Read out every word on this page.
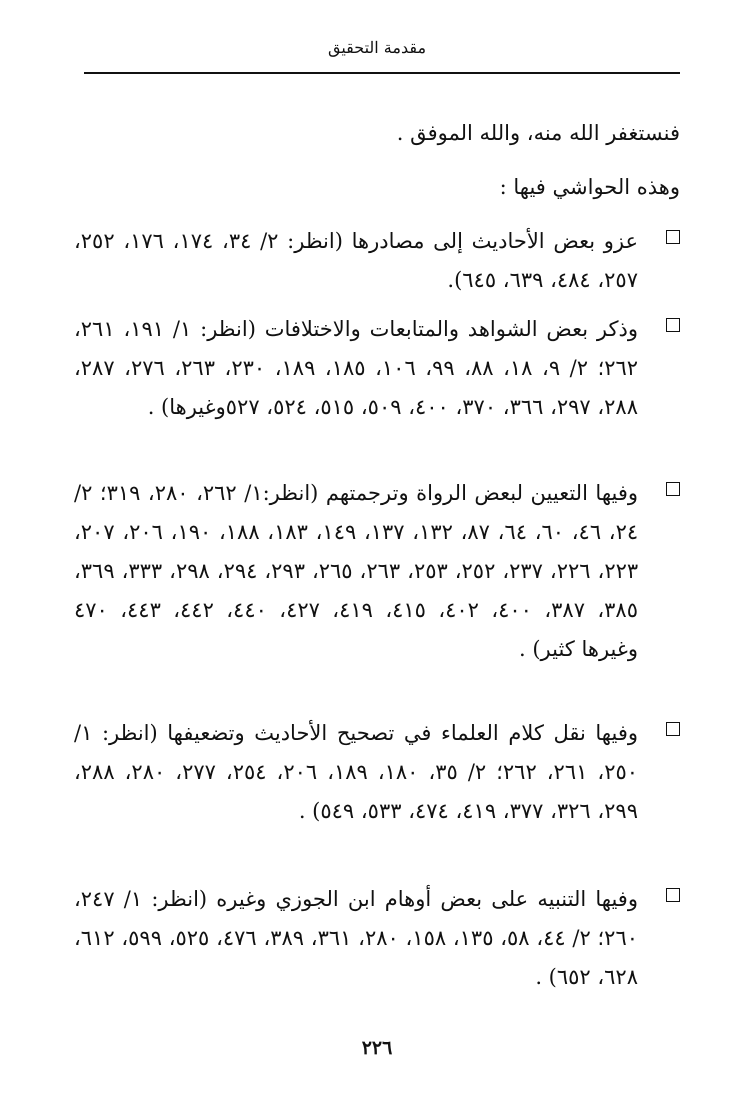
مقدمة التحقيق
فنستغفر الله منه، والله الموفق .
وهذه الحواشي فيها :
عزو بعض الأحاديث إلى مصادرها (انظر: ٢/ ٣٤، ١٧٤، ١٧٦، ٢٥٢، ٢٥٧، ٤٨٤، ٦٣٩، ٦٤٥).
وذكر بعض الشواهد والمتابعات والاختلافات (انظر: ١/ ١٩١، ٢٦١، ٢٦٢؛ ٢/ ٩، ١٨، ٨٨، ٩٩، ١٠٦، ١٨٥، ١٨٩، ٢٣٠، ٢٦٣، ٢٧٦، ٢٨٧، ٢٨٨، ٢٩٧، ٣٦٦، ٣٧٠، ٤٠٠، ٥٠٩، ٥١٥، ٥٢٤، ٥٢٧وغيرها) .
وفيها التعيين لبعض الرواة وترجمتهم (انظر:١/ ٢٦٢، ٢٨٠، ٣١٩؛ ٢/ ٢٤، ٤٦، ٦٠، ٦٤، ٨٧، ١٣٢، ١٣٧، ١٤٩، ١٨٣، ١٨٨، ١٩٠، ٢٠٦، ٢٠٧، ٢٢٣، ٢٢٦، ٢٣٧، ٢٥٢، ٢٥٣، ٢٦٣، ٢٦٥، ٢٩٣، ٢٩٤، ٢٩٨، ٣٣٣، ٣٦٩، ٣٨٥، ٣٨٧، ٤٠٠، ٤٠٢، ٤١٥، ٤١٩، ٤٢٧، ٤٤٠، ٤٤٢، ٤٤٣، ٤٧٠ وغيرها كثير) .
وفيها نقل كلام العلماء في تصحيح الأحاديث وتضعيفها (انظر: ١/ ٢٥٠، ٢٦١، ٢٦٢؛ ٢/ ٣٥، ١٨٠، ١٨٩، ٢٠٦، ٢٥٤، ٢٧٧، ٢٨٠، ٢٨٨، ٢٩٩، ٣٢٦، ٣٧٧، ٤١٩، ٤٧٤، ٥٣٣، ٥٤٩) .
وفيها التنبيه على بعض أوهام ابن الجوزي وغيره (انظر: ١/ ٢٤٧، ٢٦٠؛ ٢/ ٤٤، ٥٨، ١٣٥، ١٥٨، ٢٨٠، ٣٦١، ٣٨٩، ٤٧٦، ٥٢٥، ٥٩٩، ٦١٢، ٦٢٨، ٦٥٢) .
٢٢٦
